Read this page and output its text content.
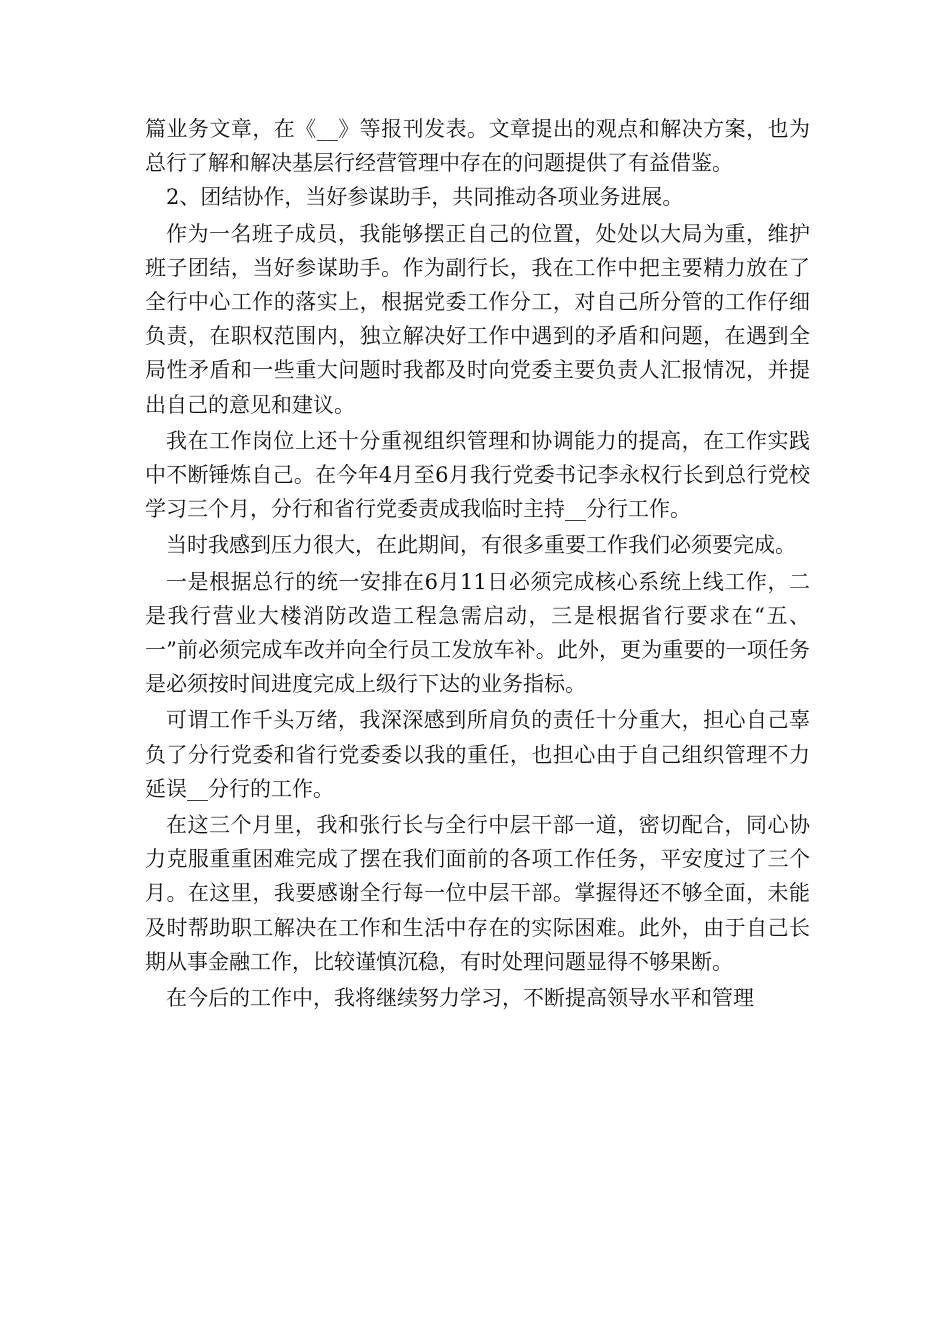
篇业务文章，在《__》等报刊发表。文章提出的观点和解决方案，也为总行了解和解决基层行经营管理中存在的问题提供了有益借鉴。

2、团结协作，当好参谋助手，共同推动各项业务进展。

作为一名班子成员，我能够摆正自己的位置，处处以大局为重，维护班子团结，当好参谋助手。作为副行长，我在工作中把主要精力放在了全行中心工作的落实上，根据党委工作分工，对自己所分管的工作仔细负责，在职权范围内，独立解决好工作中遇到的矛盾和问题，在遇到全局性矛盾和一些重大问题时我都及时向党委主要负责人汇报情况，并提出自己的意见和建议。

我在工作岗位上还十分重视组织管理和协调能力的提高，在工作实践中不断锤炼自己。在今年4月至6月我行党委书记李永权行长到总行党校学习三个月，分行和省行党委责成我临时主持__分行工作。

当时我感到压力很大，在此期间，有很多重要工作我们必须要完成。

一是根据总行的统一安排在6月11日必须完成核心系统上线工作，二是我行营业大楼消防改造工程急需启动，三是根据省行要求在“五、一”前必须完成车改并向全行员工发放车补。此外，更为重要的一项任务是必须按时间进度完成上级行下达的业务指标。

可谓工作千头万绪，我深深感到所肩负的责任十分重大，担心自己辜负了分行党委和省行党委委以我的重任，也担心由于自己组织管理不力延误__分行的工作。

在这三个月里，我和张行长与全行中层干部一道，密切配合，同心协力克服重重困难完成了摆在我们面前的各项工作任务，平安度过了三个月。在这里，我要感谢全行每一位中层干部。掌握得还不够全面，未能及时帮助职工解决在工作和生活中存在的实际困难。此外，由于自己长期从事金融工作，比较谨慎沉稳，有时处理问题显得不够果断。

在今后的工作中，我将继续努力学习，不断提高领导水平和管理
